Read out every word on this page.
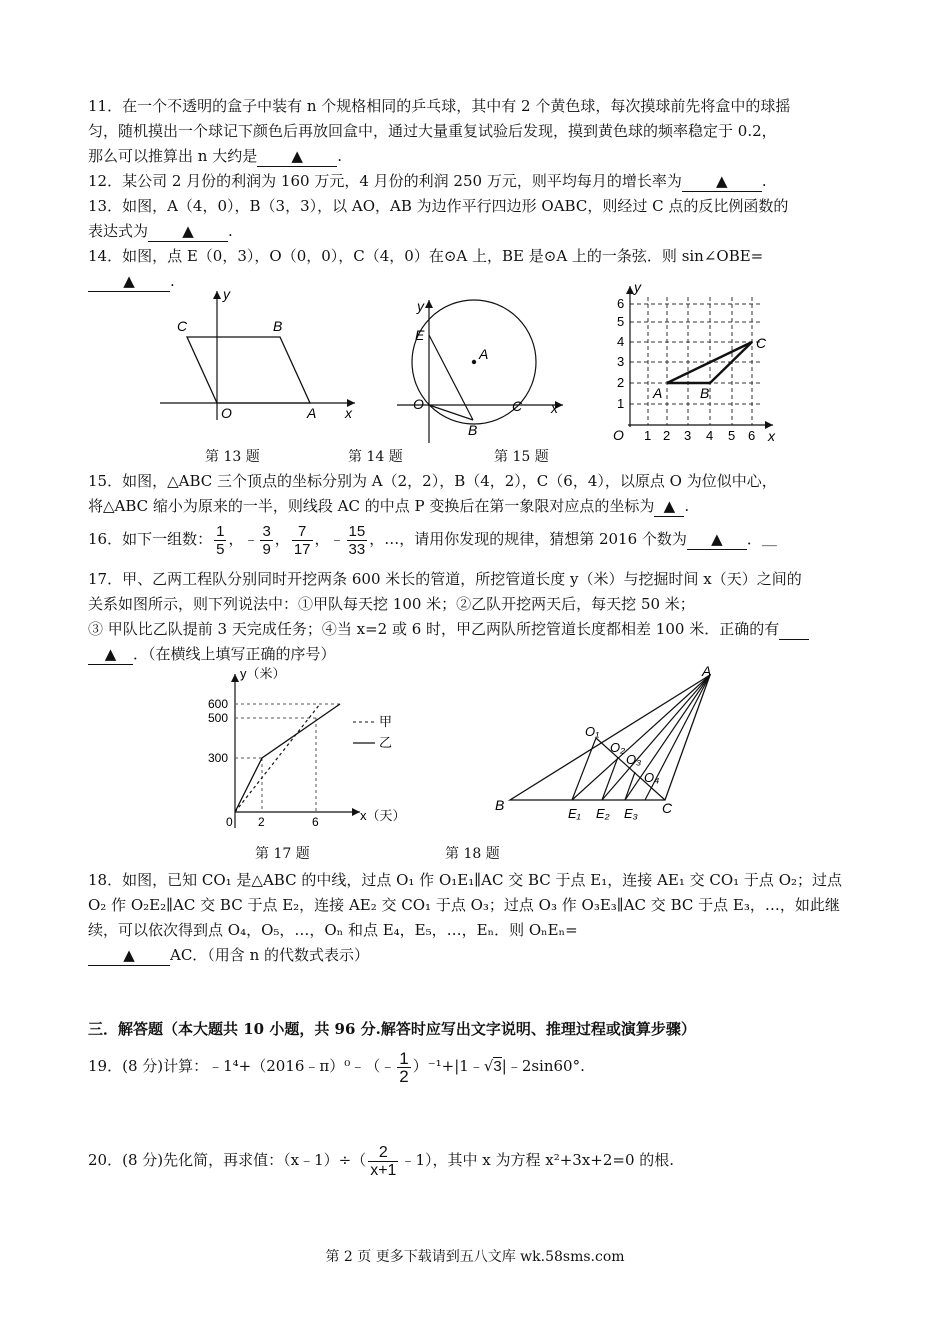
11．在一个不透明的盒子中装有 n 个规格相同的乒乓球，其中有 2 个黄色球，每次摸球前先将盒中的球摇
匀，随机摸出一个球记下颜色后再放回盒中，通过大量重复试验后发现，摸到黄色球的频率稳定于 0.2，
那么可以推算出 n 大约是 ▲ .
12．某公司 2 月份的利润为 160 万元，4 月份的利润 250 万元，则平均每月的增长率为 ▲ .
13．如图，A（4，0），B（3，3），以 AO，AB 为边作平行四边形 OABC，则经过 C 点的反比例函数的
表达式为 ▲ .
14．如图，点 E（0，3），O（0，0），C（4，0）在⊙A 上，BE 是⊙A 上的一条弦．则 sin∠OBE=
▲ .
C	B
O	A x
y
第 13 题
E
A
O	C
B
x
y
第 14 题
1 2 3 4 5 6
1
2
3
4
5
6
O
A	B
C
x
y
第 15 题
15．如图，△ABC 三个顶点的坐标分别为 A（2，2），B（4，2），C（6，4），以原点 O 为位似中心，
将△ABC 缩小为原来的一半，则线段 AC 的中点 P 变换后在第一象限对应点的坐标为 ▲ .
16．如下一组数： $\frac{1}{5}$ ，﹣ $\frac{3}{9}$ ， $\frac{7}{17}$ ，﹣ $\frac{15}{33}$ ，…，请用你发现的规律，猜想第 2016 个数为 ▲ ．＿
17．甲、乙两工程队分别同时开挖两条 600 米长的管道，所挖管道长度 y（米）与挖掘时间 x（天）之间的
关系如图所示，则下列说法中：①甲队每天挖 100 米；②乙队开挖两天后，每天挖 50 米；
③ 甲队比乙队提前 3 天完成任务；④当 x=2 或 6 时，甲乙两队所挖管道长度都相差 100 米．正确的有
▲ ．（在横线上填写正确的序号）
y（米）
x（天）
600
500
300
0 2	6
甲
乙
第 17 题
A
B	C
O₁
O₂
O₃
O₄
E₁ E₂ E₃
第 18 题
18．如图，已知 CO₁ 是△ABC 的中线，过点 O₁ 作 O₁E₁∥AC 交 BC 于点 E₁，连接 AE₁ 交 CO₁ 于点 O₂；过点
O₂ 作 O₂E₂∥AC 交 BC 于点 E₂，连接 AE₂ 交 CO₁ 于点 O₃；过点 O₃ 作 O₃E₃∥AC 交 BC 于点 E₃，…，如此继
续，可以依次得到点 O₄，O₅，…，Oₙ 和点 E₄，E₅，…，Eₙ．则 OₙEₙ=
▲ AC．（用含 n 的代数式表示）
三．解答题（本大题共 10 小题，共 96 分.解答时应写出文字说明、推理过程或演算步骤）
19．(8 分)计算：﹣1⁴+（2016﹣π）⁰﹣（﹣ $\frac{1}{2}$ ）⁻¹+|1﹣√3|﹣2sin60°.
20．(8 分)先化简，再求值：（x﹣1）÷（ $\frac{2}{x+1}$ ﹣1），其中 x 为方程 x²+3x+2=0 的根.
第 2 页 更多下载请到五八文库 wk.58sms.com
